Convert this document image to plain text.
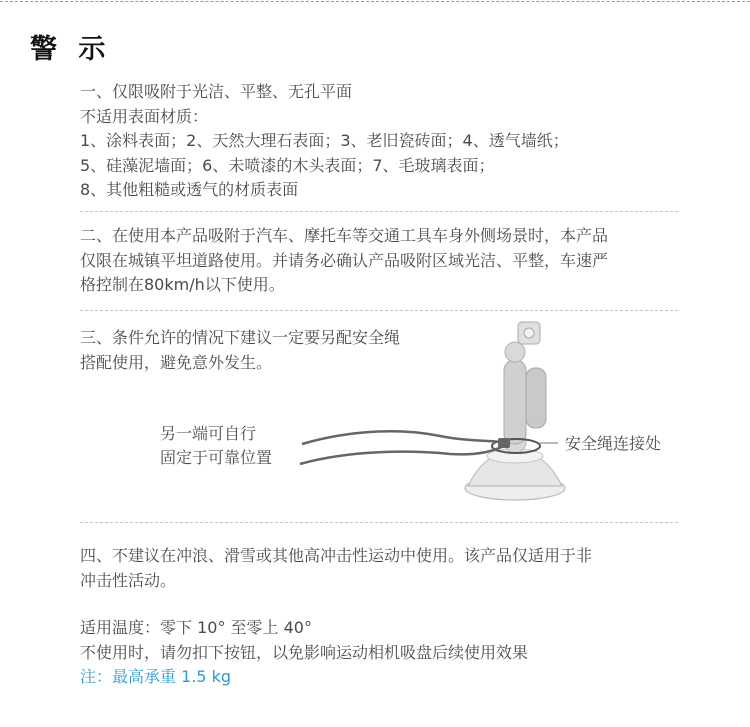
警 示
一、仅限吸附于光洁、平整、无孔平面
不适用表面材质：
1、涂料表面；2、天然大理石表面；3、老旧瓷砖面；4、透气墙纸；
5、硅藻泥墙面；6、未喷漆的木头表面；7、毛玻璃表面；
8、其他粗糙或透气的材质表面
二、在使用本产品吸附于汽车、摩托车等交通工具车身外侧场景时，本产品
仅限在城镇平坦道路使用。并请务必确认产品吸附区域光洁、平整，车速严
格控制在80km/h以下使用。
三、条件允许的情况下建议一定要另配安全绳
搭配使用，避免意外发生。
另一端可自行
固定于可靠位置
安全绳连接处
四、不建议在冲浪、滑雪或其他高冲击性运动中使用。该产品仅适用于非
冲击性活动。
适用温度：零下 10° 至零上 40°
不使用时，请勿扣下按钮，以免影响运动相机吸盘后续使用效果
注：最高承重 1.5 kg
